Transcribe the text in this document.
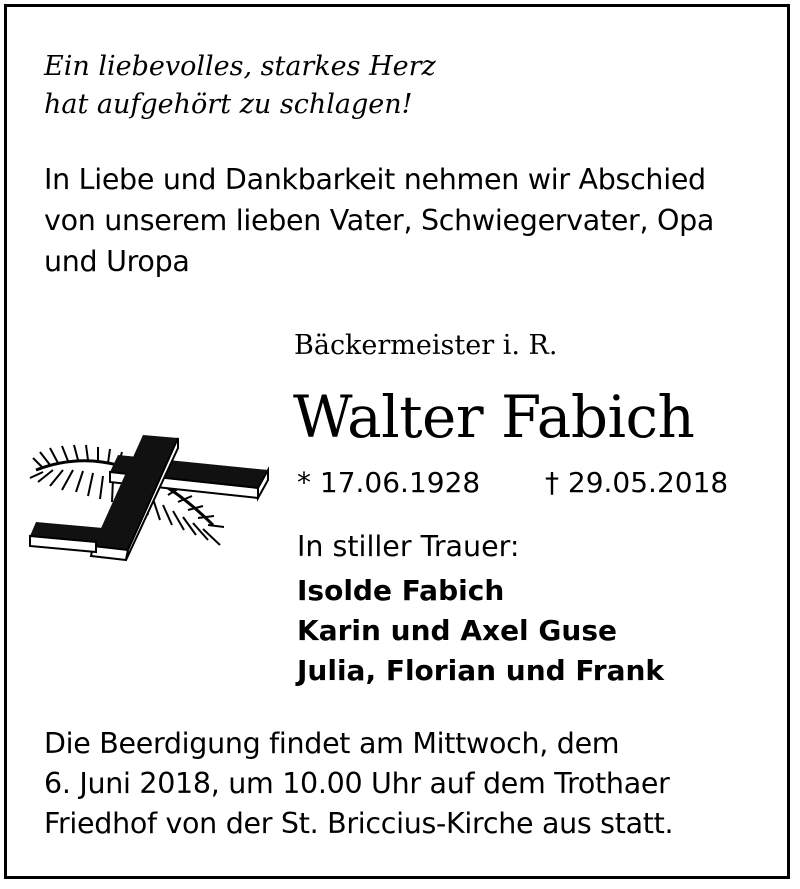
Ein liebevolles, starkes Herz
hat aufgehört zu schlagen!
In Liebe und Dankbarkeit nehmen wir Abschied
von unserem lieben Vater, Schwiegervater, Opa
und Uropa
Bäckermeister i. R.
Walter Fabich
* 17.06.1928 † 29.05.2018
In stiller Trauer:
Isolde Fabich
Karin und Axel Guse
Julia, Florian und Frank
Die Beerdigung findet am Mittwoch, dem
6. Juni 2018, um 10.00 Uhr auf dem Trothaer
Friedhof von der St. Briccius-Kirche aus statt.
